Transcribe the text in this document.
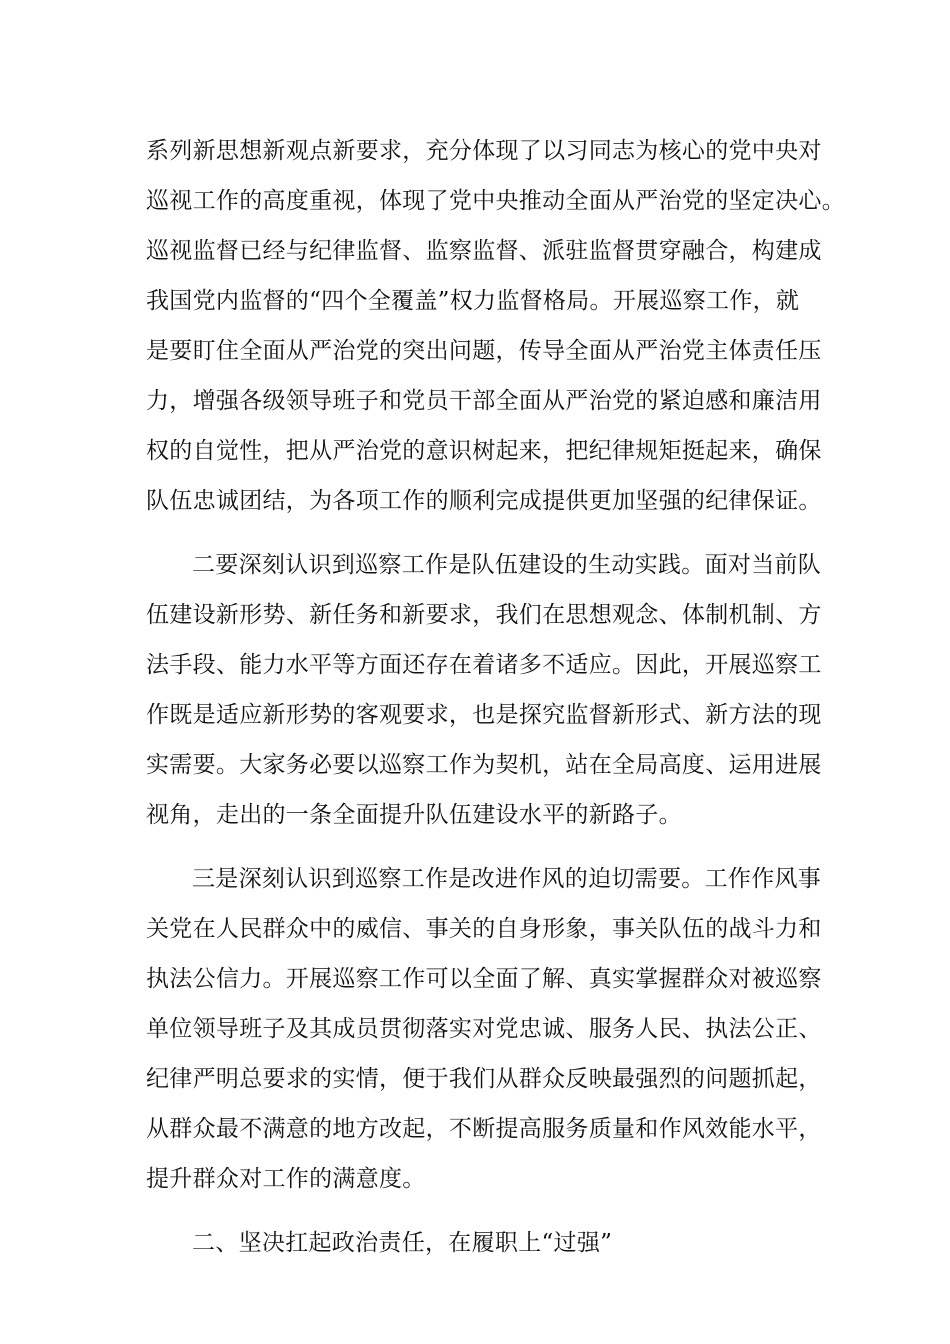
系列新思想新观点新要求，充分体现了以习同志为核心的党中央对
巡视工作的高度重视，体现了党中央推动全面从严治党的坚定决心。
巡视监督已经与纪律监督、监察监督、派驻监督贯穿融合，构建成
我国党内监督的“四个全覆盖”权力监督格局。开展巡察工作，就
是要盯住全面从严治党的突出问题，传导全面从严治党主体责任压
力，增强各级领导班子和党员干部全面从严治党的紧迫感和廉洁用
权的自觉性，把从严治党的意识树起来，把纪律规矩挺起来，确保
队伍忠诚团结，为各项工作的顺利完成提供更加坚强的纪律保证。
二要深刻认识到巡察工作是队伍建设的生动实践。面对当前队
伍建设新形势、新任务和新要求，我们在思想观念、体制机制、方
法手段、能力水平等方面还存在着诸多不适应。因此，开展巡察工
作既是适应新形势的客观要求，也是探究监督新形式、新方法的现
实需要。大家务必要以巡察工作为契机，站在全局高度、运用进展
视角，走出的一条全面提升队伍建设水平的新路子。
三是深刻认识到巡察工作是改进作风的迫切需要。工作作风事
关党在人民群众中的威信、事关的自身形象，事关队伍的战斗力和
执法公信力。开展巡察工作可以全面了解、真实掌握群众对被巡察
单位领导班子及其成员贯彻落实对党忠诚、服务人民、执法公正、
纪律严明总要求的实情，便于我们从群众反映最强烈的问题抓起，
从群众最不满意的地方改起，不断提高服务质量和作风效能水平，
提升群众对工作的满意度。
二、坚决扛起政治责任，在履职上“过强”
